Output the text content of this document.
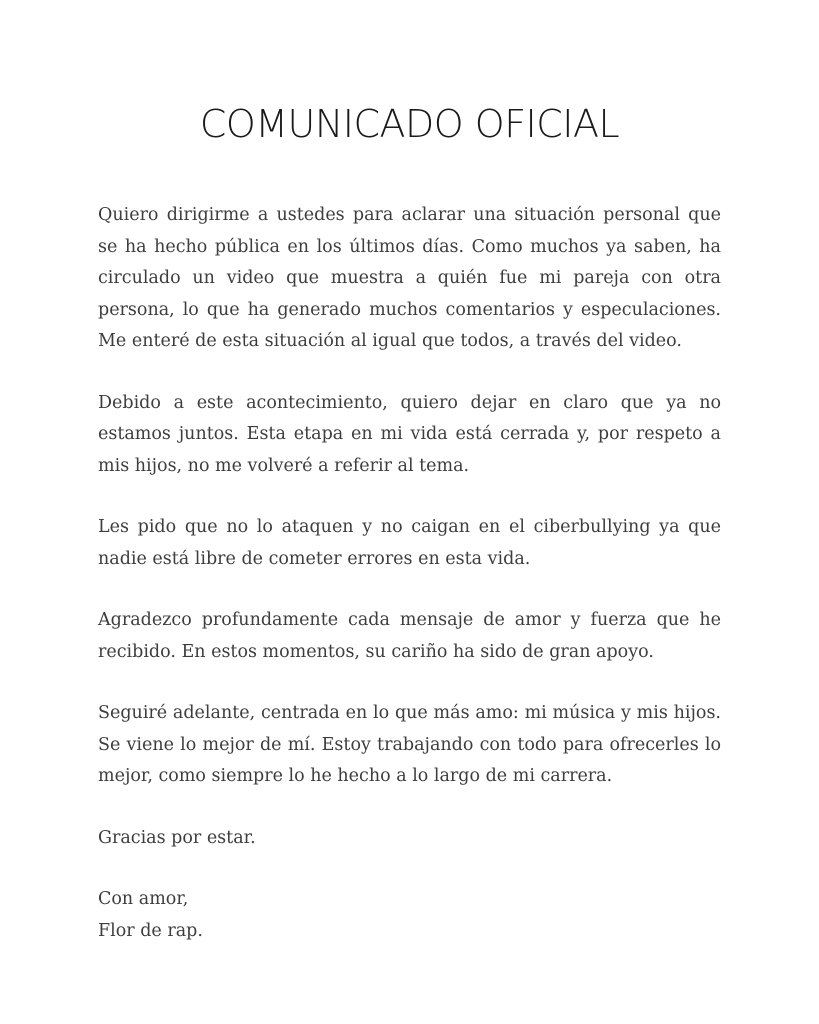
COMUNICADO OFICIAL

Quiero dirigirme a ustedes para aclarar una situación personal que se ha hecho pública en los últimos días. Como muchos ya saben, ha circulado un video que muestra a quién fue mi pareja con otra persona, lo que ha generado muchos comentarios y especulaciones. Me enteré de esta situación al igual que todos, a través del video.

Debido a este acontecimiento, quiero dejar en claro que ya no estamos juntos. Esta etapa en mi vida está cerrada y, por respeto a mis hijos, no me volveré a referir al tema.

Les pido que no lo ataquen y no caigan en el ciberbullying ya que nadie está libre de cometer errores en esta vida.

Agradezco profundamente cada mensaje de amor y fuerza que he recibido. En estos momentos, su cariño ha sido de gran apoyo.

Seguiré adelante, centrada en lo que más amo: mi música y mis hijos. Se viene lo mejor de mí. Estoy trabajando con todo para ofrecerles lo mejor, como siempre lo he hecho a lo largo de mi carrera.

Gracias por estar.

Con amor,
Flor de rap.
